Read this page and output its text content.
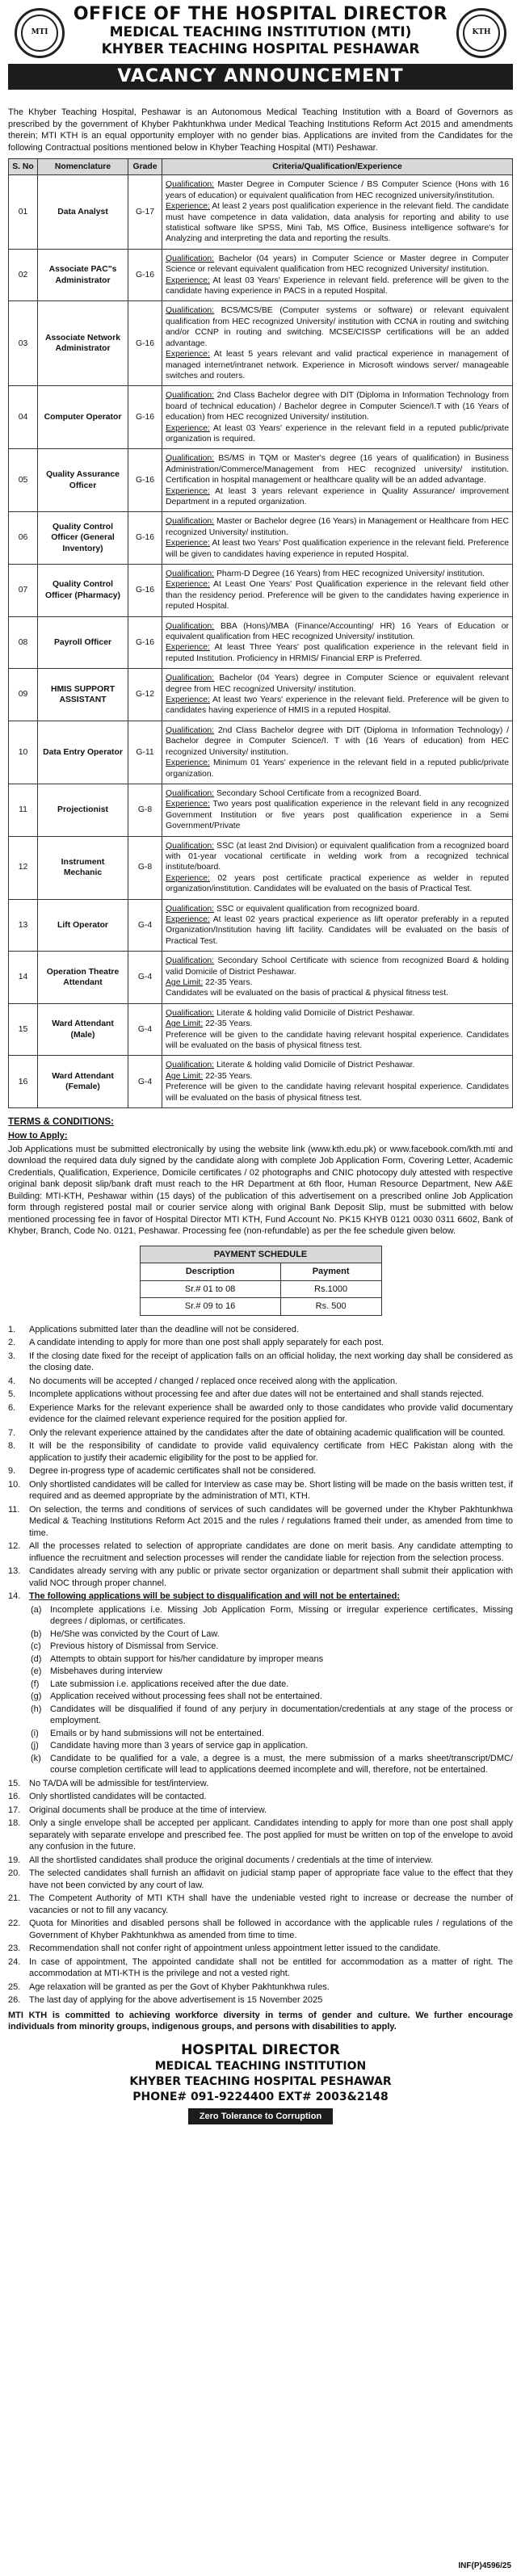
MTI	KTH
OFFICE OF THE HOSPITAL DIRECTOR
MEDICAL TEACHING INSTITUTION (MTI)
KHYBER TEACHING HOSPITAL PESHAWAR
VACANCY ANNOUNCEMENT

The Khyber Teaching Hospital, Peshawar is an Autonomous Medical Teaching Institution with a Board of Governors as prescribed by the government of Khyber Pakhtunkhwa under Medical Teaching Institutions Reform Act 2015 and amendments therein; MTI KTH is an equal opportunity employer with no gender bias. Applications are invited from the Candidates for the following Contractual positions mentioned below in Khyber Teaching Hospital (MTI) Peshawar.

S. No	Nomenclature	Grade	Criteria/Qualification/Experience
01	Data Analyst	G-17	Qualification: Master Degree in Computer Science / BS Computer Science (Hons with 16 years of education) or equivalent qualification from HEC recognized university/institution.

Experience: At least 2 years post qualification experience in the relevant field. The candidate must have competence in data validation, data analysis for reporting and ability to use statistical software like SPSS, Mini Tab, MS Office, Business intelligence software's for Analyzing and interpreting the data and reporting the results.

02	Associate PAC"s Administrator	G-16	Qualification: Bachelor (04 years) in Computer Science or Master degree in Computer Science or relevant equivalent qualification from HEC recognized University/ institution.

Experience: At least 03 Years' Experience in relevant field. preference will be given to the candidate having experience in PACS in a reputed Hospital.

03	Associate Network Administrator	G-16	Qualification: BCS/MCS/BE (Computer systems or software) or relevant equivalent qualification from HEC recognized University/ institution with CCNA in routing and switching and/or CCNP in routing and switching. MCSE/CISSP certifications will be an added advantage.

Experience: At least 5 years relevant and valid practical experience in management of managed internet/intranet network. Experience in Microsoft windows server/ manageable switches and routers.

04	Computer Operator	G-16	Qualification: 2nd Class Bachelor degree with DIT (Diploma in Information Technology from board of technical education) / Bachelor degree in Computer Science/I.T with (16 Years of education) from HEC recognized University/ institution.

Experience: At least 03 Years' experience in the relevant field in a reputed public/private organization is required.

05	Quality Assurance Officer	G-16	Qualification: BS/MS in TQM or Master's degree (16 years of qualification) in Business Administration/Commerce/Management from HEC recognized university/ institution. Certification in hospital management or healthcare quality will be an added advantage.

Experience: At least 3 years relevant experience in Quality Assurance/ improvement Department in a reputed organization.

06	Quality Control Officer (General Inventory)	G-16	Qualification: Master or Bachelor degree (16 Years) in Management or Healthcare from HEC recognized University/ institution.

Experience: At least two Years' Post qualification experience in the relevant field. Preference will be given to candidates having experience in reputed Hospital.

07	Quality Control Officer (Pharmacy)	G-16	Qualification: Pharm-D Degree (16 Years) from HEC recognized University/ institution.

Experience: At Least One Years' Post Qualification experience in the relevant field other than the residency period. Preference will be given to the candidates having experience in reputed Hospital.

08	Payroll Officer	G-16	Qualification: BBA (Hons)/MBA (Finance/Accounting/ HR) 16 Years of Education or equivalent qualification from HEC recognized University/ institution.

Experience: At least Three Years' post qualification experience in the relevant field in reputed Institution. Proficiency in HRMIS/ Financial ERP is Preferred.

09	HMIS SUPPORT ASSISTANT	G-12	Qualification: Bachelor (04 Years) degree in Computer Science or equivalent relevant degree from HEC recognized University/ institution.

Experience: At least two Years' experience in the relevant field. Preference will be given to candidates having experience of HMIS in a reputed Hospital.

10	Data Entry Operator	G-11	Qualification: 2nd Class Bachelor degree with DIT (Diploma in Information Technology) / Bachelor degree in Computer Science/I. T with (16 Years of education) from HEC recognized University/ institution.

Experience: Minimum 01 Years' experience in the relevant field in a reputed public/private organization.

11	Projectionist	G-8	Qualification: Secondary School Certificate from a recognized Board.

Experience: Two years post qualification experience in the relevant field in any recognized Government Institution or five years post qualification experience in a Semi Government/Private

12	Instrument Mechanic	G-8	Qualification: SSC (at least 2nd Division) or equivalent qualification from a recognized board with 01-year vocational certificate in welding work from a recognized technical institute/board.

Experience: 02 years post certificate practical experience as welder in reputed organization/institution. Candidates will be evaluated on the basis of Practical Test.

13	Lift Operator	G-4	Qualification: SSC or equivalent qualification from recognized board.

Experience: At least 02 years practical experience as lift operator preferably in a reputed Organization/Institution having lift facility. Candidates will be evaluated on the basis of Practical Test.

14	Operation Theatre Attendant	G-4	Qualification: Secondary School Certificate with science from recognized Board & holding valid Domicile of District Peshawar.

Age Limit: 22-35 Years.

Candidates will be evaluated on the basis of practical & physical fitness test.

15	Ward Attendant (Male)	G-4	Qualification: Literate & holding valid Domicile of District Peshawar.

Age Limit: 22-35 Years.

Preference will be given to the candidate having relevant hospital experience. Candidates will be evaluated on the basis of physical fitness test.

16	Ward Attendant (Female)	G-4	Qualification: Literate & holding valid Domicile of District Peshawar.

Age Limit: 22-35 Years.

Preference will be given to the candidate having relevant hospital experience. Candidates will be evaluated on the basis of physical fitness test.

TERMS & CONDITIONS:
How to Apply:

Job Applications must be submitted electronically by using the website link (www.kth.edu.pk) or www.facebook.com/kth.mti and download the required data duly signed by the candidate along with complete Job Application Form, Covering Letter, Academic Credentials, Qualification, Experience, Domicile certificates / 02 photographs and CNIC photocopy duly attested with respective original bank deposit slip/bank draft must reach to the HR Department at 6th floor, Human Resource Department, New A&E Building: MTI-KTH, Peshawar within (15 days) of the publication of this advertisement on a prescribed online Job Application form through registered postal mail or courier service along with original Bank Deposit Slip, must be submitted with below mentioned processing fee in favor of Hospital Director MTI KTH, Fund Account No. PK15 KHYB 0121 0030 0311 6602, Bank of Khyber, Branch, Code No. 0121, Peshawar. Processing fee (non-refundable) as per the fee schedule given below.

PAYMENT SCHEDULE	
Description	Payment
Sr.# 01 to 08	Rs.1000
Sr.# 09 to 16	Rs. 500
1.	Applications submitted later than the deadline will not be considered.
2.	A candidate intending to apply for more than one post shall apply separately for each post.
3.	If the closing date fixed for the receipt of application falls on an official holiday, the next working day shall be considered as the closing date.
4.	No documents will be accepted / changed / replaced once received along with the application.
5.	Incomplete applications without processing fee and after due dates will not be entertained and shall stands rejected.
6.	Experience Marks for the relevant experience shall be awarded only to those candidates who provide valid documentary evidence for the claimed relevant experience required for the position applied for.
7.	Only the relevant experience attained by the candidates after the date of obtaining academic qualification will be counted.
8.	It will be the responsibility of candidate to provide valid equivalency certificate from HEC Pakistan along with the application to justify their academic eligibility for the post to be applied for.
9.	Degree in-progress type of academic certificates shall not be considered.
10. Only shortlisted candidates will be called for Interview as case may be. Short listing will be made on the basis written test, if required and as deemed appropriate by the administration of MTI, KTH.
11.	On selection, the terms and conditions of services of such candidates will be governed under the Khyber Pakhtunkhwa Medical & Teaching Institutions Reform Act 2015 and the rules / regulations framed their under, as amended from time to time.
12. All the processes related to selection of appropriate candidates are done on merit basis. Any candidate attempting to influence the recruitment and selection processes will render the candidate liable for rejection from the selection process.
13. Candidates already serving with any public or private sector organization or department shall submit their application with valid NOC through proper channel.
14. The following applications will be subject to disqualification and will not be entertained:
(a) Incomplete applications i.e. Missing Job Application Form, Missing or irregular experience certificates, Missing degrees / diplomas, or certificates.
(b) He/She was convicted by the Court of Law.
(c)	Previous history of Dismissal from Service.
(d) Attempts to obtain support for his/her candidature by improper means
(e) Misbehaves during interview
(f)	Late submission i.e. applications received after the due date.
(g) Application received without processing fees shall not be entertained.
(h) Candidates will be disqualified if found of any perjury in documentation/credentials at any stage of the process or employment.
(i)	Emails or by hand submissions will not be entertained.
(j)	Candidate having more than 3 years of service gap in application.
(k)	Candidate to be qualified for a vale, a degree is a must, the mere submission of a marks sheet/transcript/DMC/ course completion certificate will lead to applications deemed incomplete and will, therefore, not be entertained.
15. No TA/DA will be admissible for test/interview.
16. Only shortlisted candidates will be contacted.
17. Original documents shall be produce at the time of interview.
18. Only a single envelope shall be accepted per applicant. Candidates intending to apply for more than one post shall apply separately with separate envelope and prescribed fee. The post applied for must be written on top of the envelope to avoid any confusion in the future.
19. All the shortlisted candidates shall produce the original documents / credentials at the time of interview.
20. The selected candidates shall furnish an affidavit on judicial stamp paper of appropriate face value to the effect that they have not been convicted by any court of law.
21. The Competent Authority of MTI KTH shall have the undeniable vested right to increase or decrease the number of vacancies or not to fill any vacancy.
22. Quota for Minorities and disabled persons shall be followed in accordance with the applicable rules / regulations of the Government of Khyber Pakhtunkhwa as amended from time to time.
23. Recommendation shall not confer right of appointment unless appointment letter issued to the candidate.
24. In case of appointment, The appointed candidate shall not be entitled for accommodation as a matter of right. The accommodation at MTI-KTH is the privilege and not a vested right.
25. Age relaxation will be granted as per the Govt of Khyber Pakhtunkhwa rules.
26. The last day of applying for the above advertisement is 15 November 2025

MTI KTH is committed to achieving workforce diversity in terms of gender and culture. We further encourage individuals from minority groups, indigenous groups, and persons with disabilities to apply.

HOSPITAL DIRECTOR
MEDICAL TEACHING INSTITUTION
KHYBER TEACHING HOSPITAL PESHAWAR
PHONE# 091-9224400 EXT# 2003&2148
Zero Tolerance to Corruption
INF(P)4596/25
